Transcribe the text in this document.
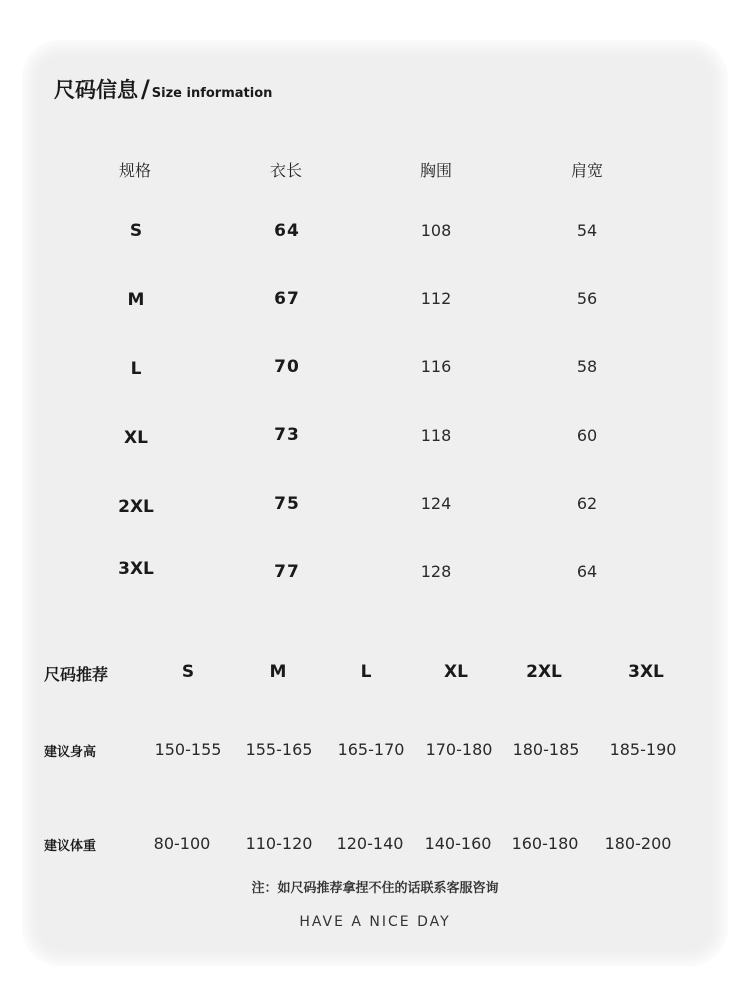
尺码信息 / Size information
规格	衣长	胸围	肩宽
S	64	108	54
M	67	112	56
L	70	116	58
XL	73	118	60
2XL	75	124	62
3XL	77	128	64
尺码推荐	S	M	L	XL	2XL	3XL
建议身高	150-155 155-165 165-170 170-180 180-185 185-190
建议体重	80-100 110-120 120-140 140-160 160-180 180-200
注：如尺码推荐拿捏不住的话联系客服咨询
HAVE A NICE DAY
